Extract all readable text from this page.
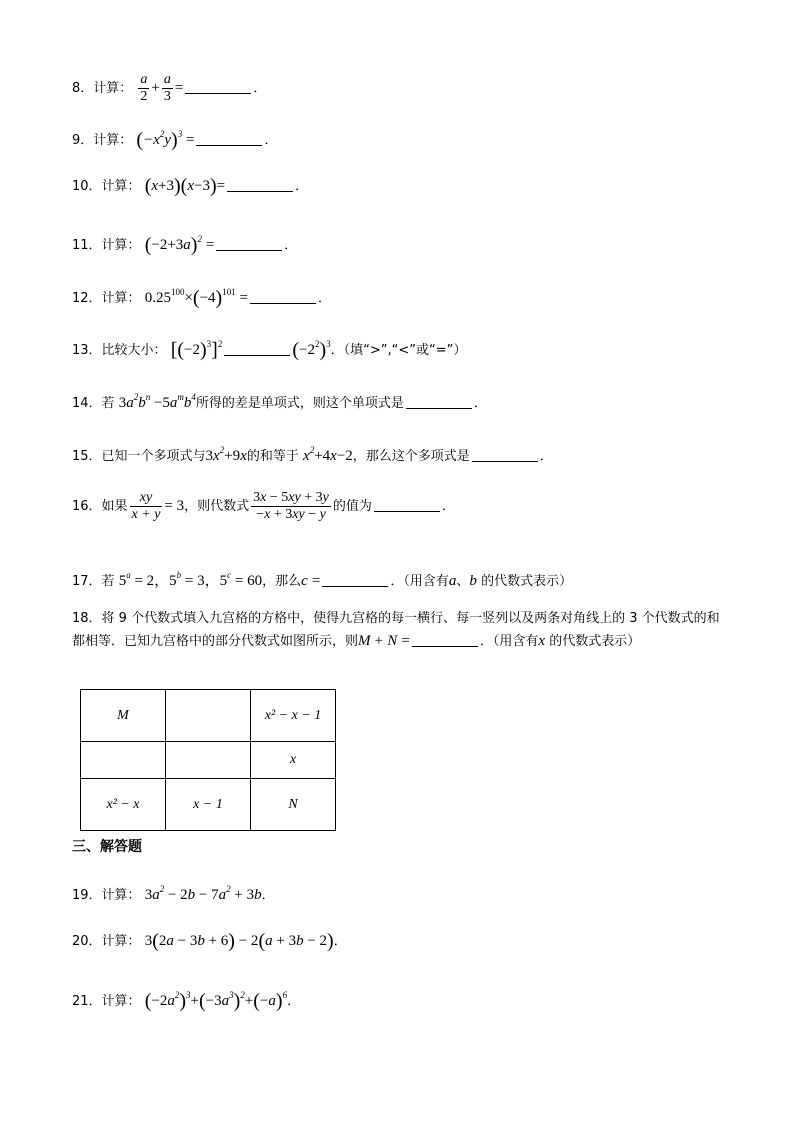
8．计算： $\frac{a}{2} + \frac{a}{3}$ =	．
9．计算： $(-x^2y)^3$ =	．
10．计算： (x+3)(x−3)=	．
11．计算： $(-2+3a)^2$ =	．
12．计算： $0.25^{100}\times(-4)^{101}$ =	．
13．比较大小： $[(-2)^3]^2$	$(-2^2)^3$．（填“>”,“<”或“=”）
14．若 $3a^2b^n -5a^mb^4$所得的差是单项式，则这个单项式是	．
15．已知一个多项式与$3x^2+9x$的和等于 $x^2+4x-2$，那么这个多项式是	．
16．如果 $\frac{xy}{x + y} = 3$，则代数式 $\frac{3x - 5xy + 3y}{-x + 3xy - y}$ 的值为	．
17．若 $5^a = 2$，$5^b = 3$，$5^c = 60$，那么c =	．（用含有a、b 的代数式表示）
18．将 9 个代数式填入九宫格的方格中，使得九宫格的每一横行、每一竖列以及两条对角线上的 3 个代数式的和都相等．已知九宫格中的部分代数式如图所示，则M + N =	．（用含有x 的代数式表示）
M		x² − x − 1
		x
x² − x	x − 1	N
三、解答题
19．计算： $3a^2 - 2b - 7a^2 + 3b$．
20．计算： 3(2a − 3b + 6) − 2(a + 3b − 2)．
21．计算： $(-2a^2)^3+(-3a^3)^2+(-a)^6$．
